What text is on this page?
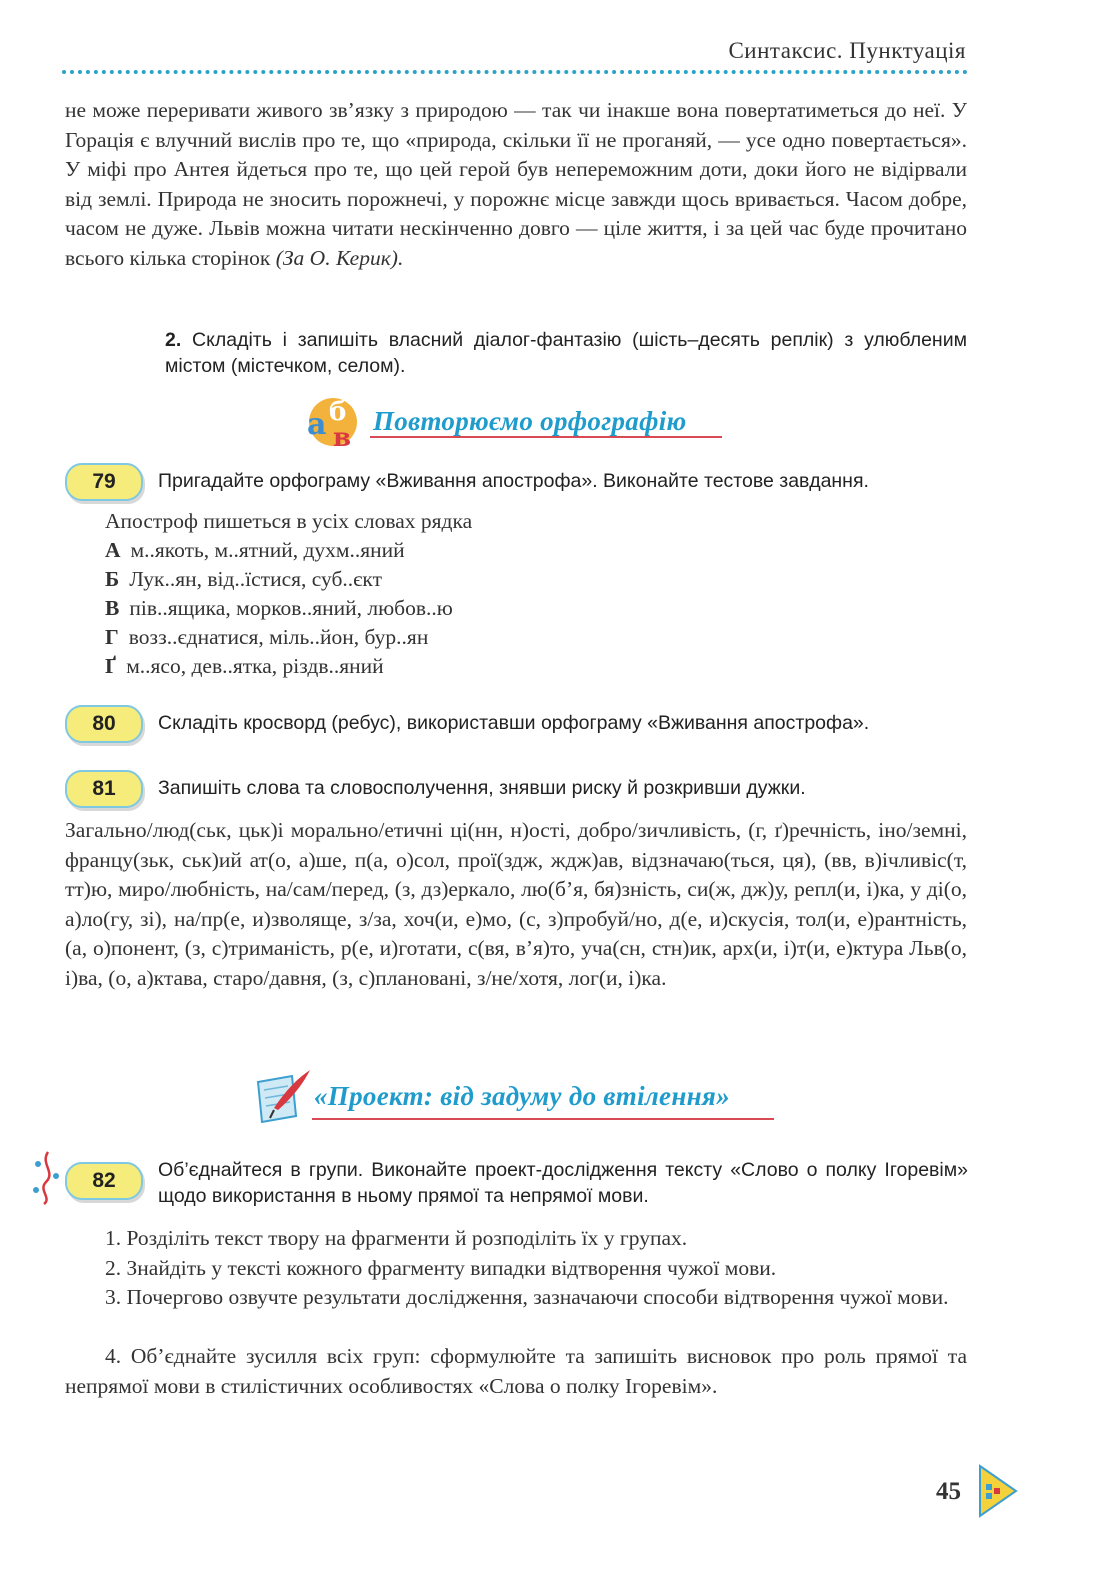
Синтаксис. Пунктуація
не може переривати живого зв’язку з природою — так чи інакше вона повертатиметься до неї. У Горація є влучний вислів про те, що «природа, скільки її не проганяй, — усе одно повертається». У міфі про Антея йдеться про те, що цей герой був непереможним доти, доки його не відірвали від землі. Природа не зносить порожнечі, у порожнє місце завжди щось вривається. Часом добре, часом не дуже. Львів можна читати нескінченно довго — ціле життя, і за цей час буде прочитано всього кілька сторінок (За О. Керик).
2. Складіть і запишіть власний діалог-фантазію (шість–десять реплік) з улюбленим містом (містечком, селом).
а б
в
Повторюємо орфографію
79	Пригадайте орфограму «Вживання апострофа». Виконайте тестове завдання.
Апостроф пишеться в усіх словах рядка
А м..якоть, м..ятний, духм..яний
Б Лук..ян, від..їстися, суб..єкт
В пів..ящика, морков..яний, любов..ю
Г возз..єднатися, міль..йон, бур..ян
Ґ м..ясо, дев..ятка, різдв..яний
80	Складіть кросворд (ребус), використавши орфограму «Вживання апострофа».
81	Запишіть слова та словосполучення, знявши риску й розкривши дужки.
Загально/люд(ськ, цьк)і морально/етичні ці(нн, н)ості, добро/зичливість, (г, ґ)речність, іно/земні, францу(зьк, ськ)ий ат(о, а)ше, п(а, о)сол, прої(здж, ждж)ав, відзначаю(ться, ця), (вв, в)ічливіс(т, тт)ю, миро/любність, на/сам/перед, (з, дз)еркало, лю(б’я, бя)зність, си(ж, дж)у, репл(и, і)ка, у ді(о, а)ло(гу, зі), на/пр(е, и)зволяще, з/за, хоч(и, е)мо, (с, з)пробуй/но, д(е, и)скусія, тол(и, е)рантність, (а, о)понент, (з, с)триманість, р(е, и)готати, с(вя, в’я)то, уча(сн, стн)ик, арх(и, і)т(и, е)ктура Льв(о, і)ва, (о, а)ктава, старо/давня, (з, с)плановані, з/не/хотя, лог(и, і)ка.
«Проект: від задуму до втілення»
82	Об’єднайтеся в групи. Виконайте проект-дослідження тексту «Слово о полку Ігоревім» щодо використання в ньому прямої та непрямої мови.
1. Розділіть текст твору на фрагменти й розподіліть їх у групах.
2. Знайдіть у тексті кожного фрагменту випадки відтворення чужої мови.
3. Почергово озвучте результати дослідження, зазначаючи способи відтворення чужої мови.
4. Об’єднайте зусилля всіх груп: сформулюйте та запишіть висновок про роль прямої та непрямої мови в стилістичних особливостях «Слова о полку Ігоревім».
45
